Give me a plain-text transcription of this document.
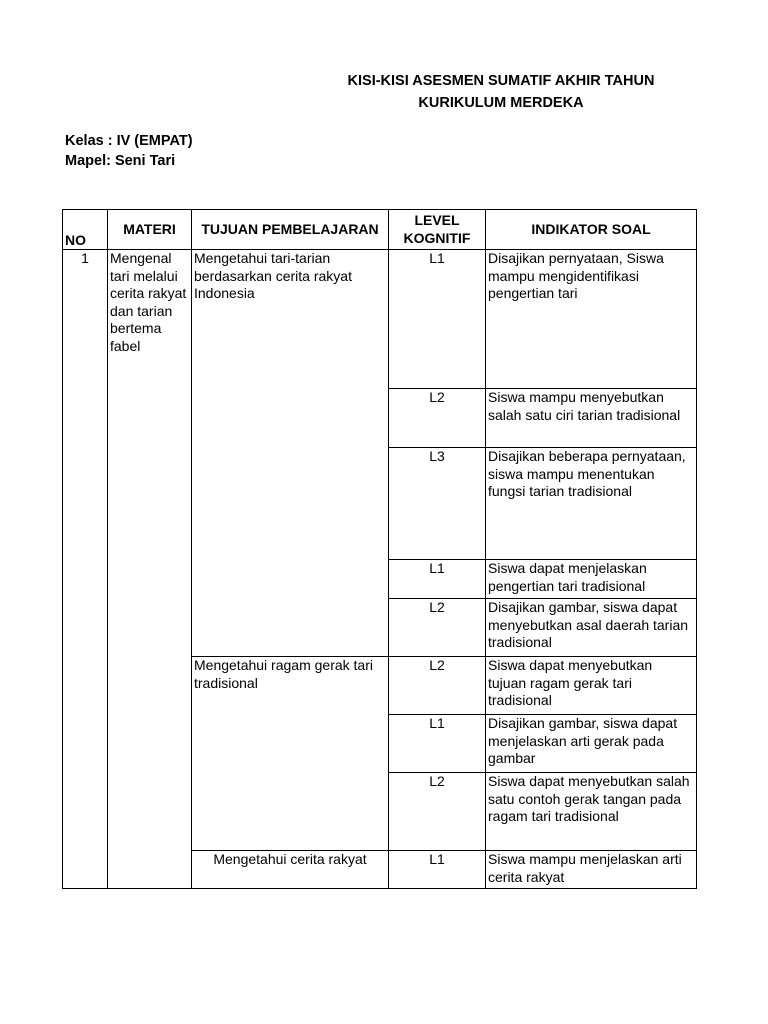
KISI-KISI ASESMEN SUMATIF AKHIR TAHUN
KURIKULUM MERDEKA
Kelas : IV (EMPAT)
Mapel: Seni Tari
NO	MATERI	TUJUAN PEMBELAJARAN	LEVEL KOGNITIF	INDIKATOR SOAL
1	Mengenal tari melalui cerita rakyat dan tarian bertema fabel	Mengetahui tari-tarian berdasarkan cerita rakyat Indonesia	L1	Disajikan pernyataan, Siswa mampu mengidentifikasi pengertian tari
			L2	Siswa mampu menyebutkan salah satu ciri tarian tradisional
			L3	Disajikan beberapa pernyataan, siswa mampu menentukan fungsi tarian tradisional
			L1	Siswa dapat menjelaskan pengertian tari tradisional
			L2	Disajikan gambar, siswa dapat menyebutkan asal daerah tarian tradisional
		Mengetahui ragam gerak tari tradisional	L2	Siswa dapat menyebutkan tujuan ragam gerak tari tradisional
			L1	Disajikan gambar, siswa dapat menjelaskan arti gerak pada gambar
			L2	Siswa dapat menyebutkan salah satu contoh gerak tangan pada ragam tari tradisional
		Mengetahui cerita rakyat	L1	Siswa mampu menjelaskan arti cerita rakyat
